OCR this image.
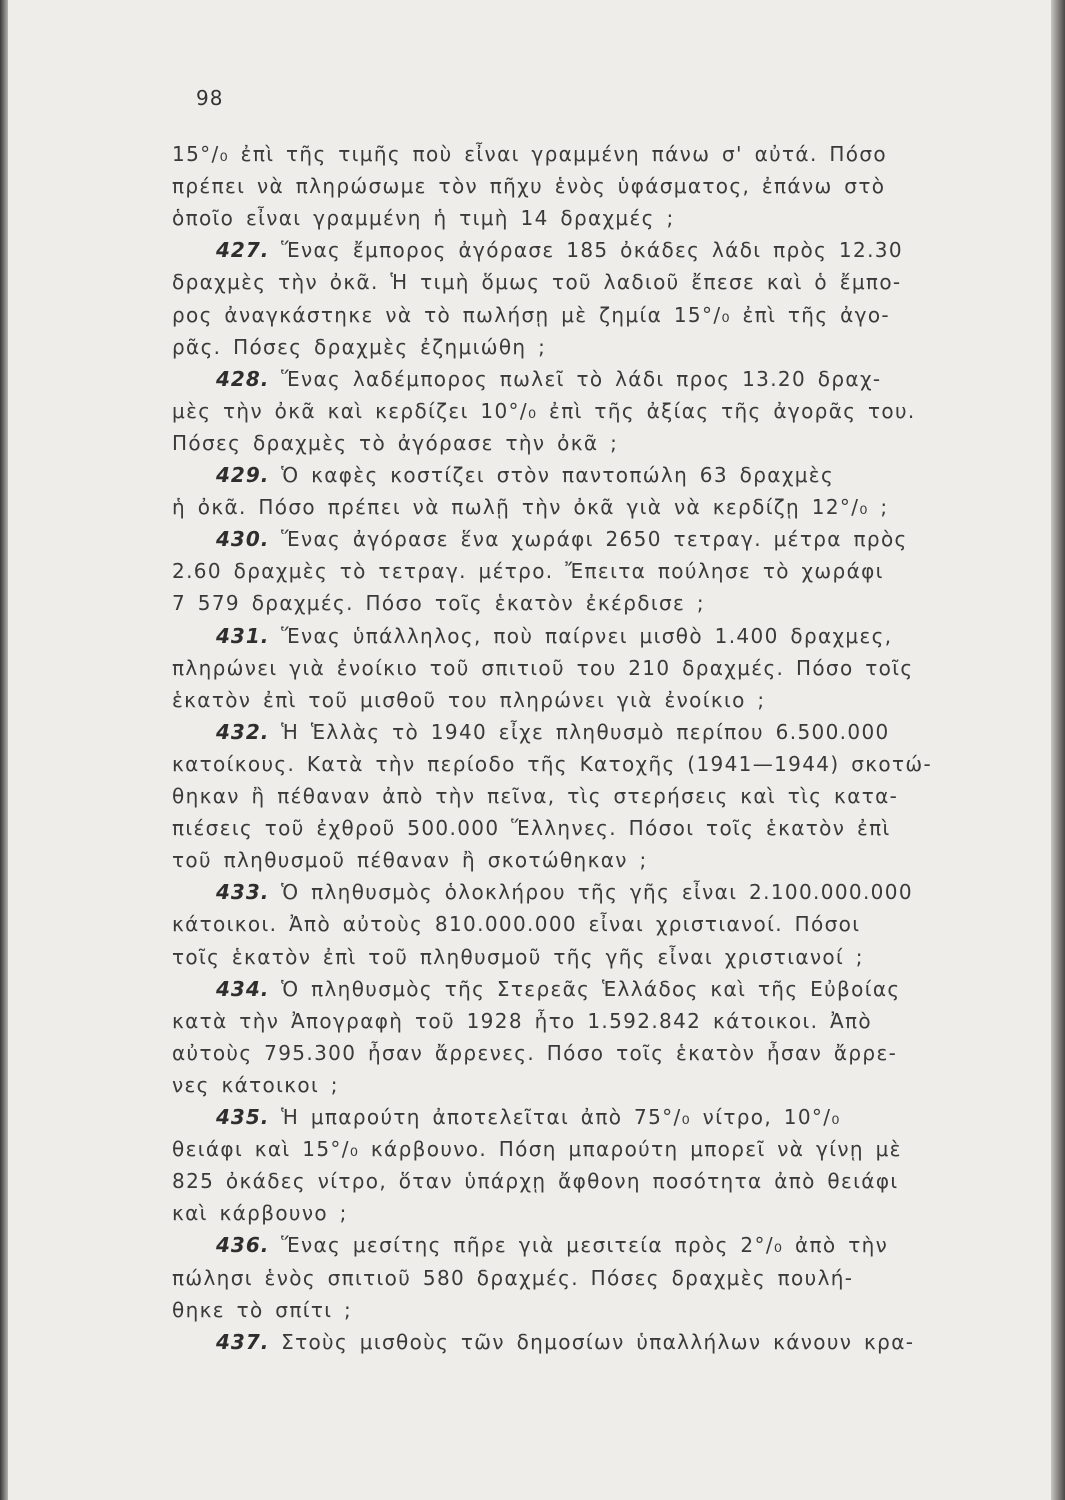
98
15°/₀ ἐπὶ τῆς τιμῆς ποὺ εἶναι γραμμένη πάνω σ' αὐτά. Πόσο
πρέπει νὰ πληρώσωμε τὸν πῆχυ ἑνὸς ὑφάσματος, ἐπάνω στὸ
ὁποῖο εἶναι γραμμένη ἡ τιμὴ 14 δραχμές ;
427. Ἕνας ἔμπορος ἀγόρασε 185 ὀκάδες λάδι πρὸς 12.30
δραχμὲς τὴν ὀκᾶ. Ἡ τιμὴ ὅμως τοῦ λαδιοῦ ἔπεσε καὶ ὁ ἔμπο-
ρος ἀναγκάστηκε νὰ τὸ πωλήσῃ μὲ ζημία 15°/₀ ἐπὶ τῆς ἀγο-
ρᾶς. Πόσες δραχμὲς ἐζημιώθη ;
428. Ἕνας λαδέμπορος πωλεῖ τὸ λάδι προς 13.20 δραχ-
μὲς τὴν ὀκᾶ καὶ κερδίζει 10°/₀ ἐπὶ τῆς ἀξίας τῆς ἀγορᾶς του.
Πόσες δραχμὲς τὸ ἀγόρασε τὴν ὀκᾶ ;
429. Ὁ καφὲς κοστίζει στὸν παντοπώλη 63 δραχμὲς
ἡ ὀκᾶ. Πόσο πρέπει νὰ πωλῇ τὴν ὀκᾶ γιὰ νὰ κερδίζῃ 12°/₀ ;
430. Ἕνας ἀγόρασε ἕνα χωράφι 2650 τετραγ. μέτρα πρὸς
2.60 δραχμὲς τὸ τετραγ. μέτρο. Ἔπειτα πούλησε τὸ χωράφι
7 579 δραχμές. Πόσο τοῖς ἑκατὸν ἐκέρδισε ;
431. Ἕνας ὑπάλληλος, ποὺ παίρνει μισθὸ 1.400 δραχμες,
πληρώνει γιὰ ἐνοίκιο τοῦ σπιτιοῦ του 210 δραχμές. Πόσο τοῖς
ἑκατὸν ἐπὶ τοῦ μισθοῦ του πληρώνει γιὰ ἐνοίκιο ;
432. Ἡ Ἑλλὰς τὸ 1940 εἶχε πληθυσμὸ περίπου 6.500.000
κατοίκους. Κατὰ τὴν περίοδο τῆς Κατοχῆς (1941—1944) σκοτώ-
θηκαν ἢ πέθαναν ἀπὸ τὴν πεῖνα, τὶς στερήσεις καὶ τὶς κατα-
πιέσεις τοῦ ἐχθροῦ 500.000 Ἕλληνες. Πόσοι τοῖς ἑκατὸν ἐπὶ
τοῦ πληθυσμοῦ πέθαναν ἢ σκοτώθηκαν ;
433. Ὁ πληθυσμὸς ὁλοκλήρου τῆς γῆς εἶναι 2.100.000.000
κάτοικοι. Ἀπὸ αὐτοὺς 810.000.000 εἶναι χριστιανοί. Πόσοι
τοῖς ἑκατὸν ἐπὶ τοῦ πληθυσμοῦ τῆς γῆς εἶναι χριστιανοί ;
434. Ὁ πληθυσμὸς τῆς Στερεᾶς Ἑλλάδος καὶ τῆς Εὐβοίας
κατὰ τὴν Ἀπογραφὴ τοῦ 1928 ἦτο 1.592.842 κάτοικοι. Ἀπὸ
αὐτοὺς 795.300 ἦσαν ἄρρενες. Πόσο τοῖς ἑκατὸν ἦσαν ἄρρε-
νες κάτοικοι ;
435. Ἡ μπαρούτη ἀποτελεῖται ἀπὸ 75°/₀ νίτρο, 10°/₀
θειάφι καὶ 15°/₀ κάρβουνο. Πόση μπαρούτη μπορεῖ νὰ γίνῃ μὲ
825 ὀκάδες νίτρο, ὅταν ὑπάρχῃ ἄφθονη ποσότητα ἀπὸ θειάφι
καὶ κάρβουνο ;
436. Ἕνας μεσίτης πῆρε γιὰ μεσιτεία πρὸς 2°/₀ ἀπὸ τὴν
πώλησι ἑνὸς σπιτιοῦ 580 δραχμές. Πόσες δραχμὲς πουλή-
θηκε τὸ σπίτι ;
437. Στοὺς μισθοὺς τῶν δημοσίων ὑπαλλήλων κάνουν κρα-
